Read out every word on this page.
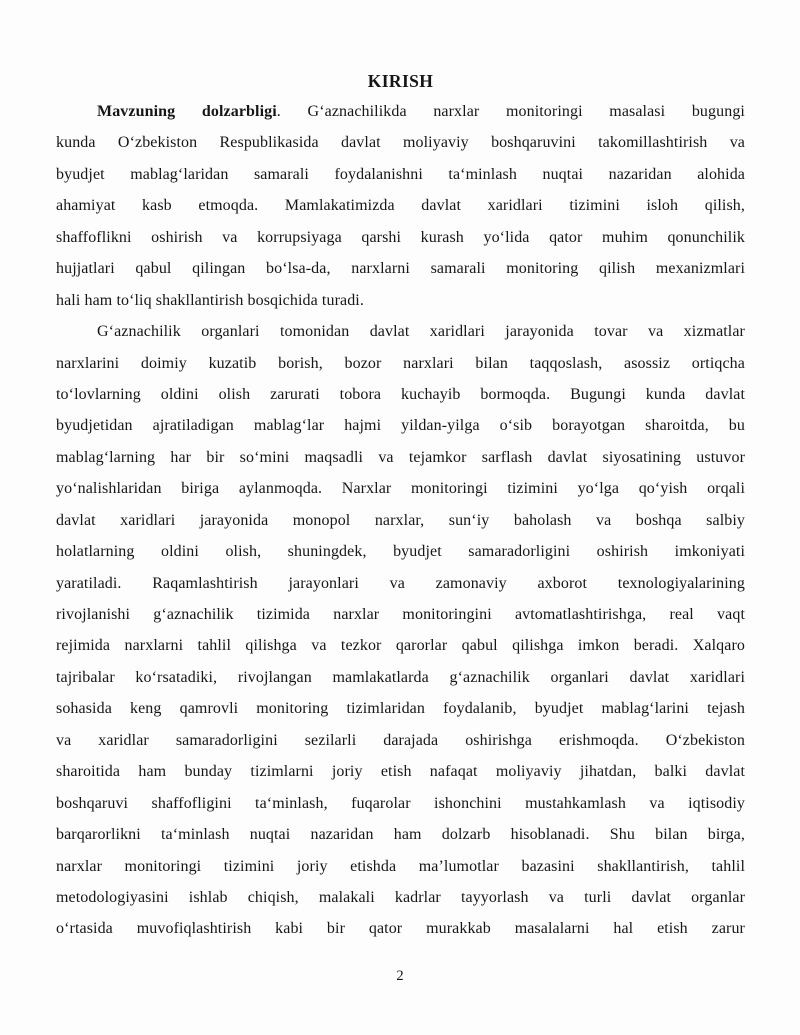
KIRISH
Mavzuning dolzarbligi. Gʻaznachilikda narxlar monitoringi masalasi bugungi
kunda Oʻzbekiston Respublikasida davlat moliyaviy boshqaruvini takomillashtirish va
byudjet mablagʻlaridan samarali foydalanishni taʻminlash nuqtai nazaridan alohida
ahamiyat kasb etmoqda. Mamlakatimizda davlat xaridlari tizimini isloh qilish,
shaffoflikni oshirish va korrupsiyaga qarshi kurash yoʻlida qator muhim qonunchilik
hujjatlari qabul qilingan boʻlsa-da, narxlarni samarali monitoring qilish mexanizmlari
hali ham toʻliq shakllantirish bosqichida turadi.
Gʻaznachilik organlari tomonidan davlat xaridlari jarayonida tovar va xizmatlar
narxlarini doimiy kuzatib borish, bozor narxlari bilan taqqoslash, asossiz ortiqcha
toʻlovlarning oldini olish zarurati tobora kuchayib bormoqda. Bugungi kunda davlat
byudjetidan ajratiladigan mablagʻlar hajmi yildan-yilga oʻsib borayotgan sharoitda, bu
mablagʻlarning har bir soʻmini maqsadli va tejamkor sarflash davlat siyosatining ustuvor
yoʻnalishlaridan biriga aylanmoqda. Narxlar monitoringi tizimini yoʻlga qoʻyish orqali
davlat xaridlari jarayonida monopol narxlar, sunʻiy baholash va boshqa salbiy
holatlarning oldini olish, shuningdek, byudjet samaradorligini oshirish imkoniyati
yaratiladi. Raqamlashtirish jarayonlari va zamonaviy axborot texnologiyalarining
rivojlanishi gʻaznachilik tizimida narxlar monitoringini avtomatlashtirishga, real vaqt
rejimida narxlarni tahlil qilishga va tezkor qarorlar qabul qilishga imkon beradi. Xalqaro
tajribalar koʻrsatadiki, rivojlangan mamlakatlarda gʻaznachilik organlari davlat xaridlari
sohasida keng qamrovli monitoring tizimlaridan foydalanib, byudjet mablagʻlarini tejash
va xaridlar samaradorligini sezilarli darajada oshirishga erishmoqda. Oʻzbekiston
sharoitida ham bunday tizimlarni joriy etish nafaqat moliyaviy jihatdan, balki davlat
boshqaruvi shaffofligini taʻminlash, fuqarolar ishonchini mustahkamlash va iqtisodiy
barqarorlikni taʻminlash nuqtai nazaridan ham dolzarb hisoblanadi. Shu bilan birga,
narxlar monitoringi tizimini joriy etishda ma’lumotlar bazasini shakllantirish, tahlil
metodologiyasini ishlab chiqish, malakali kadrlar tayyorlash va turli davlat organlar
oʻrtasida muvofiqlashtirish kabi bir qator murakkab masalalarni hal etish zarur
2
